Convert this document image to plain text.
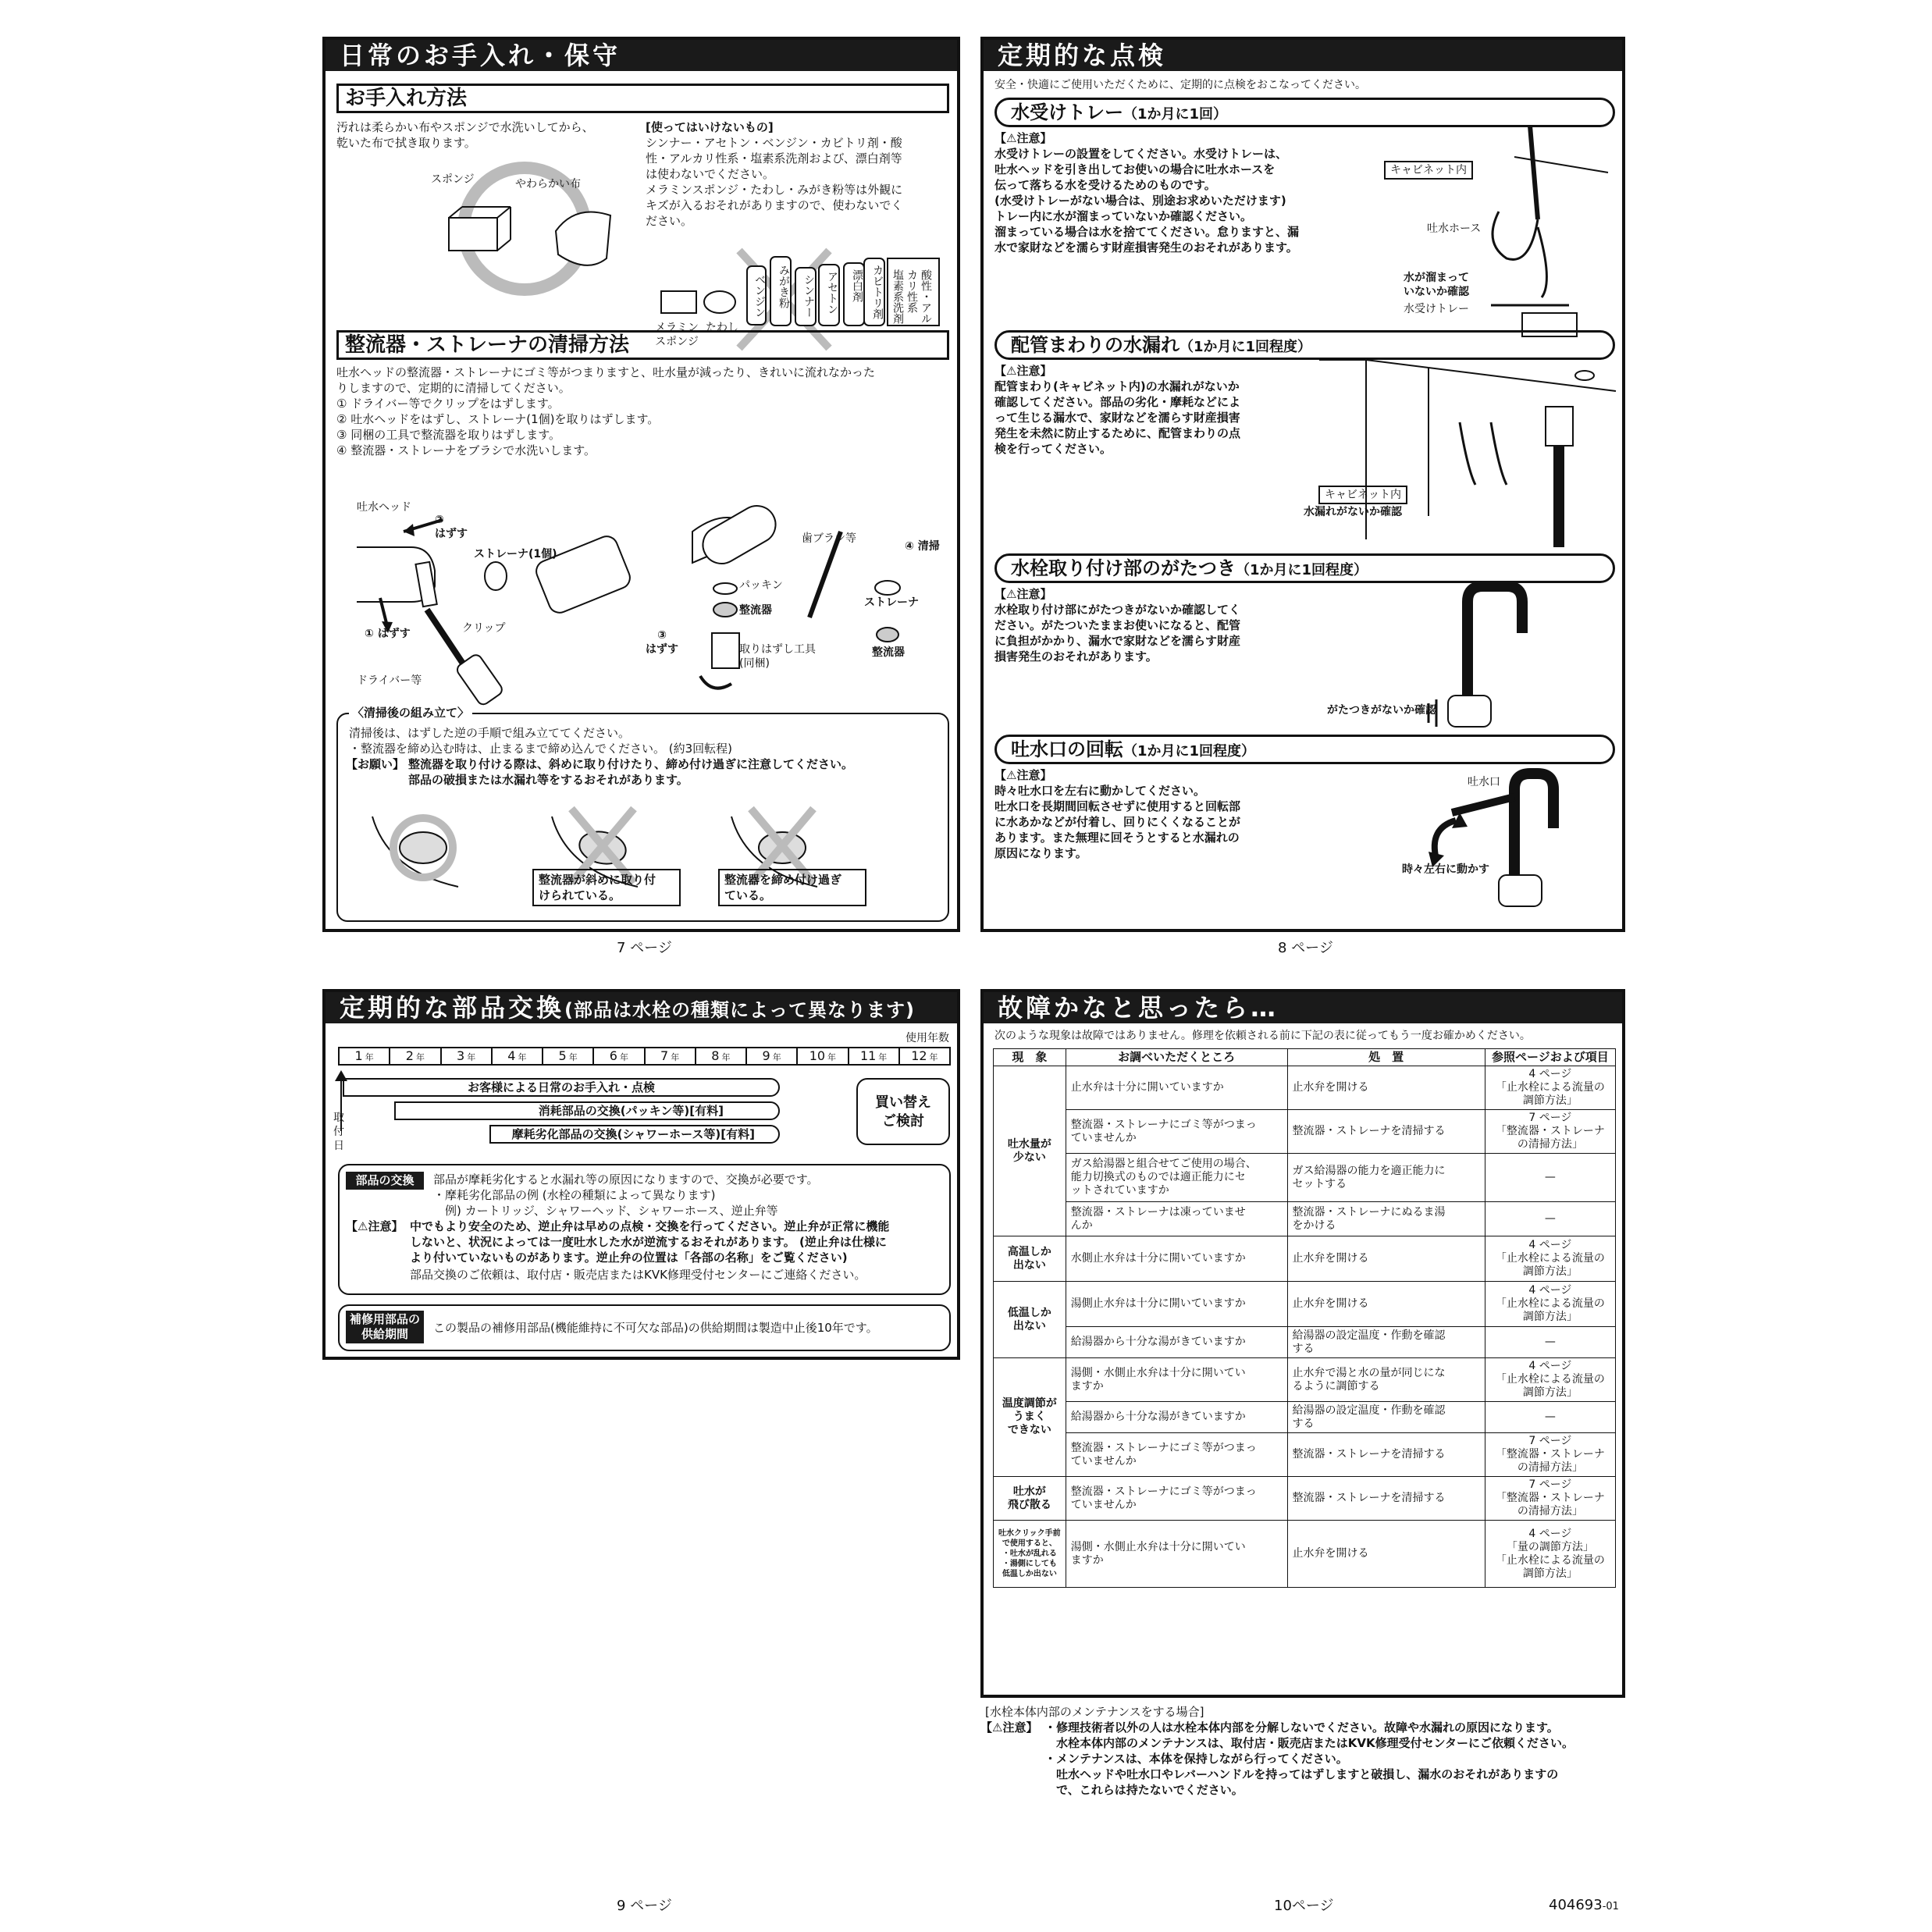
日常のお手入れ・保守
お手入れ方法
汚れは柔らかい布やスポンジで水洗いしてから、
乾いた布で拭き取ります。
スポンジ	やわらかい布
[使ってはいけないもの]
シンナー・アセトン・ベンジン・カビトリ剤・酸
性・アルカリ性系・塩素系洗剤および、漂白剤等
は使わないでください。
メラミンスポンジ・たわし・みがき粉等は外観に
キズが入るおそれがありますので、使わないでく
ださい。
メラミン
スポンジ
たわし
ベンジン みがき粉 シンナー アセトン 漂白剤 カビトリ剤	酸性・アルカリ性系
塩素系洗剤
整流器・ストレーナの清掃方法
吐水ヘッドの整流器・ストレーナにゴミ等がつまりますと、吐水量が減ったり、きれいに流れなかった
りしますので、定期的に清掃してください。
① ドライバー等でクリップをはずします。
② 吐水ヘッドをはずし、ストレーナ(1個)を取りはずします。
③ 同梱の工具で整流器を取りはずします。
④ 整流器・ストレーナをブラシで水洗いします。
吐水ヘッド
②
はずす
ストレーナ(1個)
① はずす	クリップ
ドライバー等
パッキン
整流器
③
はずす	取りはずし工具
(同梱)
歯ブラシ等
④ 清掃
ストレーナ
整流器
〈清掃後の組み立て〉
清掃後は、はずした逆の手順で組み立ててください。
・整流器を締め込む時は、止まるまで締め込んでください。 (約3回転程)
【お願い】 整流器を取り付ける際は、斜めに取り付けたり、締め付け過ぎに注意してください。
部品の破損または水漏れ等をするおそれがあります。
整流器が斜めに取り付
けられている。
整流器を締め付け過ぎ
ている。
7 ページ
定期的な点検
安全・快適にご使用いただくために、定期的に点検をおこなってください。
水受けトレー（1か月に1回）
【⚠注意】
水受けトレーの設置をしてください。水受けトレーは、
吐水ヘッドを引き出してお使いの場合に吐水ホースを
伝って落ちる水を受けるためのものです。
(水受けトレーがない場合は、別途お求めいただけます)
トレー内に水が溜まっていないか確認ください。
溜まっている場合は水を捨ててください。怠りますと、漏
水で家財などを濡らす財産損害発生のおそれがあります。
キャビネット内
吐水ホース
水が溜まって
いないか確認
水受けトレー
配管まわりの水漏れ（1か月に1回程度）
【⚠注意】
配管まわり(キャビネット内)の水漏れがないか
確認してください。部品の劣化・摩耗などによ
って生じる漏水で、家財などを濡らす財産損害
発生を未然に防止するために、配管まわりの点
検を行ってください。
キャビネット内
水漏れがないか確認
水栓取り付け部のがたつき（1か月に1回程度）
【⚠注意】
水栓取り付け部にがたつきがないか確認してく
ださい。がたついたままお使いになると、配管
に負担がかかり、漏水で家財などを濡らす財産
損害発生のおそれがあります。
がたつきがないか確認
吐水口の回転（1か月に1回程度）
【⚠注意】
時々吐水口を左右に動かしてください。
吐水口を長期間回転させずに使用すると回転部
に水あかなどが付着し、回りにくくなることが
あります。また無理に回そうとすると水漏れの
原因になります。
吐水口
時々左右に動かす
8 ページ
定期的な部品交換(部品は水栓の種類によって異なります)
使用年数
1 年	2 年	3 年	4 年	5 年	6 年	7 年	8 年	9 年	10 年	11 年	12 年
取
付
日
お客様による日常のお手入れ・点検
消耗部品の交換(パッキン等)[有料]
摩耗劣化部品の交換(シャワーホース等)[有料]
買い替え
ご検討
部品の交換	部品が摩耗劣化すると水漏れ等の原因になりますので、交換が必要です。
・摩耗劣化部品の例 (水栓の種類によって異なります)
　例) カートリッジ、シャワーヘッド、シャワーホース、逆止弁等
【⚠注意】 中でもより安全のため、逆止弁は早めの点検・交換を行ってください。逆止弁が正常に機能
しないと、状況によっては一度吐水した水が逆流するおそれがあります。 (逆止弁は仕様に
より付いていないものがあります。逆止弁の位置は「各部の名称」をご覧ください)
部品交換のご依頼は、取付店・販売店またはKVK修理受付センターにご連絡ください。
補修用部品の
供給期間	この製品の補修用部品(機能維持に不可欠な部品)の供給期間は製造中止後10年です。
9 ページ
故障かなと思ったら…
次のような現象は故障ではありません。修理を依頼される前に下記の表に従ってもう一度お確かめください。
現　象	お調べいただくところ	処　置	参照ページおよび項目
吐水量が
少ない	止水弁は十分に開いていますか	止水弁を開ける	4 ページ
「止水栓による流量の
調節方法」
	整流器・ストレーナにゴミ等がつまっ
ていませんか	整流器・ストレーナを清掃する	7 ページ
「整流器・ストレーナ
の清掃方法」
	ガス給湯器と組合せてご使用の場合、
能力切換式のものでは適正能力にセ
ットされていますか	ガス給湯器の能力を適正能力に
セットする	—
	整流器・ストレーナは凍っていませ
んか	整流器・ストレーナにぬるま湯
をかける	—
高温しか
出ない	水側止水弁は十分に開いていますか	止水弁を開ける	4 ページ
「止水栓による流量の
調節方法」
低温しか
出ない	湯側止水弁は十分に開いていますか	止水弁を開ける	4 ページ
「止水栓による流量の
調節方法」
	給湯器から十分な湯がきていますか	給湯器の設定温度・作動を確認
する	—
温度調節が
うまく
できない	湯側・水側止水弁は十分に開いてい
ますか	止水弁で湯と水の量が同じにな
るように調節する	4 ページ
「止水栓による流量の
調節方法」
	給湯器から十分な湯がきていますか	給湯器の設定温度・作動を確認
する	—
	整流器・ストレーナにゴミ等がつまっ
ていませんか	整流器・ストレーナを清掃する	7 ページ
「整流器・ストレーナ
の清掃方法」
吐水が
飛び散る	整流器・ストレーナにゴミ等がつまっ
ていませんか	整流器・ストレーナを清掃する	7 ページ
「整流器・ストレーナ
の清掃方法」
吐水クリック手前
で使用すると、
・吐水が乱れる
・湯側にしても
低温しか出ない	湯側・水側止水弁は十分に開いてい
ますか	止水弁を開ける	4 ページ
「量の調節方法」
「止水栓による流量の
調節方法」
[水栓本体内部のメンテナンスをする場合]
【⚠注意】 ・修理技術者以外の人は水栓本体内部を分解しないでください。故障や水漏れの原因になります。
　水栓本体内部のメンテナンスは、取付店・販売店またはKVK修理受付センターにご依頼ください。
・メンテナンスは、本体を保持しながら行ってください。
　吐水ヘッドや吐水口やレバーハンドルを持ってはずしますと破損し、漏水のおそれがありますの
　で、これらは持たないでください。
10ページ	404693-01
